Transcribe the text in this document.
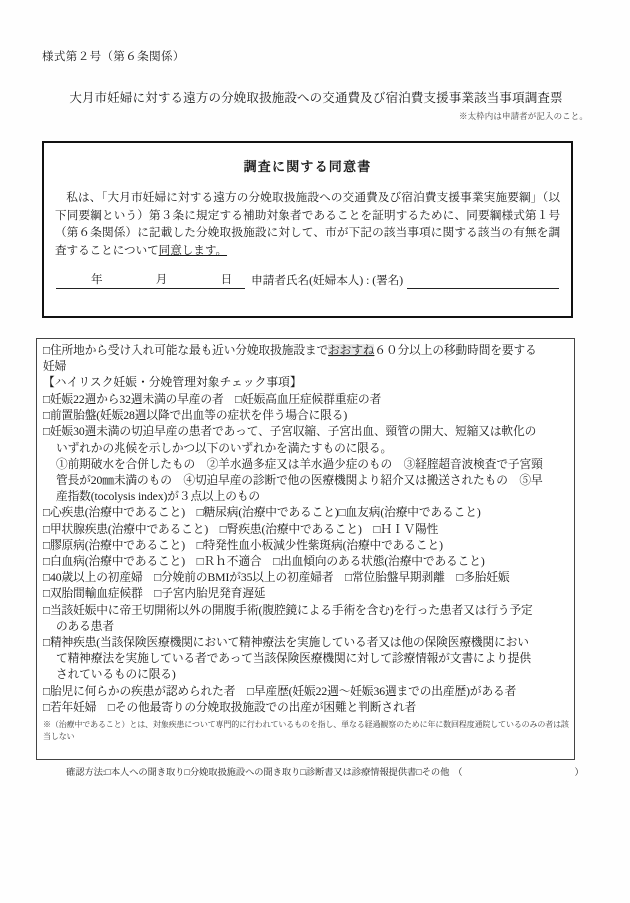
様式第２号（第６条関係）
大月市妊婦に対する遠方の分娩取扱施設への交通費及び宿泊費支援事業該当事項調査票
※太枠内は申請者が記入のこと。
調査に関する同意書
私は、「大月市妊婦に対する遠方の分娩取扱施設への交通費及び宿泊費支援事業実施要綱」（以下同要綱という）第３条に規定する補助対象者であることを証明するために、同要綱様式第１号（第６条関係）に記載した分娩取扱施設に対して、市が下記の該当事項に関する該当の有無を調査することについて同意します。
年　　月　　日 申請者氏名(妊婦本人) : (署名)
□住所地から受け入れ可能な最も近い分娩取扱施設までおおすね６０分以上の移動時間を要する
妊婦
【ハイリスク妊娠・分娩管理対象チェック事項】
□妊娠22週から32週未満の早産の者　□妊娠高血圧症候群重症の者
□前置胎盤(妊娠28週以降で出血等の症状を伴う場合に限る)
□妊娠30週未満の切迫早産の患者であって、子宮収縮、子宮出血、頸管の開大、短縮又は軟化の
いずれかの兆候を示しかつ以下のいずれかを満たすものに限る。
①前期破水を合併したもの　②羊水過多症又は羊水過少症のもの　③経腟超音波検査で子宮頸
管長が20㎜未満のもの　④切迫早産の診断で他の医療機関より紹介又は搬送されたもの　⑤早
産指数(tocolysis index)が３点以上のもの
□心疾患(治療中であること)　□糖尿病(治療中であること)□血友病(治療中であること)
□甲状腺疾患(治療中であること)　□腎疾患(治療中であること)　□ＨＩＶ陽性
□膠原病(治療中であること)　□特発性血小板減少性紫斑病(治療中であること)
□白血病(治療中であること)　□Ｒｈ不適合　□出血傾向のある状態(治療中であること)
□40歳以上の初産婦　□分娩前のBMIが35以上の初産婦者　□常位胎盤早期剥離　□多胎妊娠
□双胎間輸血症候群　□子宮内胎児発育遅延
□当該妊娠中に帝王切開術以外の開腹手術(腹腔鏡による手術を含む)を行った患者又は行う予定
のある患者
□精神疾患(当該保険医療機関において精神療法を実施している者又は他の保険医療機関におい
て精神療法を実施している者であって当該保険医療機関に対して診療情報が文書により提供
されているものに限る)
□胎児に何らかの疾患が認められた者　□早産歴(妊娠22週〜妊娠36週までの出産歴)がある者
□若年妊婦　□その他最寄りの分娩取扱施設での出産が困難と判断され者
※（治療中であること）とは、対象疾患について専門的に行われているものを指し、単なる経過観察のために年に数回程度通院しているのみの者は該当しない
確認方法:□本人への聞き取り□分娩取扱施設への聞き取り□診断書又は診療情報提供書□その他 （	）
